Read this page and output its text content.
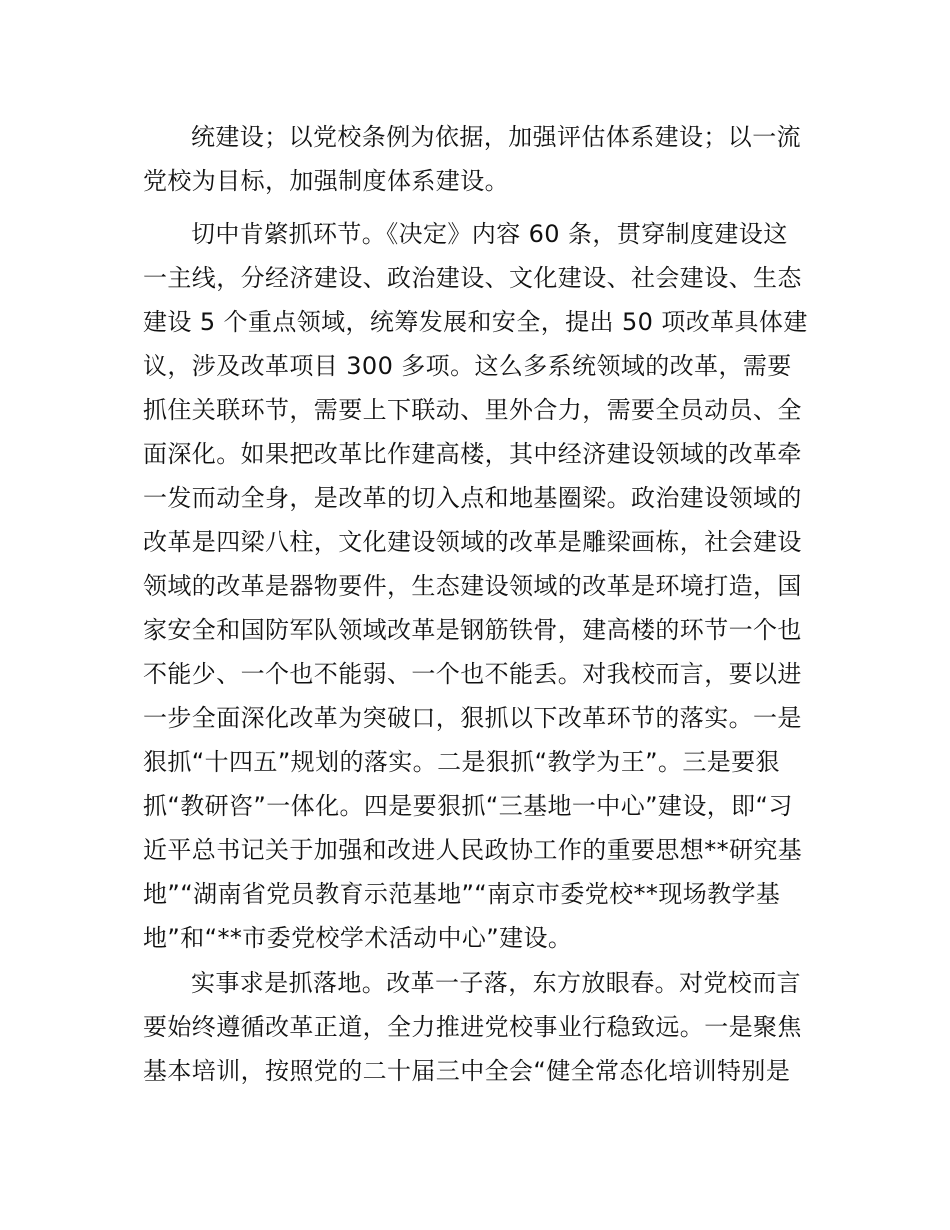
统建设；以党校条例为依据，加强评估体系建设；以一流
党校为目标，加强制度体系建设。
切中肯綮抓环节。《决定》内容 60 条，贯穿制度建设这
一主线，分经济建设、政治建设、文化建设、社会建设、生态
建设 5 个重点领域，统筹发展和安全，提出 50 项改革具体建
议，涉及改革项目 300 多项。这么多系统领域的改革，需要
抓住关联环节，需要上下联动、里外合力，需要全员动员、全
面深化。如果把改革比作建高楼，其中经济建设领域的改革牵
一发而动全身，是改革的切入点和地基圈梁。政治建设领域的
改革是四梁八柱，文化建设领域的改革是雕梁画栋，社会建设
领域的改革是器物要件，生态建设领域的改革是环境打造，国
家安全和国防军队领域改革是钢筋铁骨，建高楼的环节一个也
不能少、一个也不能弱、一个也不能丢。对我校而言，要以进
一步全面深化改革为突破口，狠抓以下改革环节的落实。一是
狠抓“十四五”规划的落实。二是狠抓“教学为王”。三是要狠
抓“教研咨”一体化。四是要狠抓“三基地一中心”建设，即“习
近平总书记关于加强和改进人民政协工作的重要思想**研究基
地”“湖南省党员教育示范基地”“南京市委党校**现场教学基
地”和“**市委党校学术活动中心”建设。
实事求是抓落地。改革一子落，东方放眼春。对党校而言
要始终遵循改革正道，全力推进党校事业行稳致远。一是聚焦
基本培训，按照党的二十届三中全会“健全常态化培训特别是
